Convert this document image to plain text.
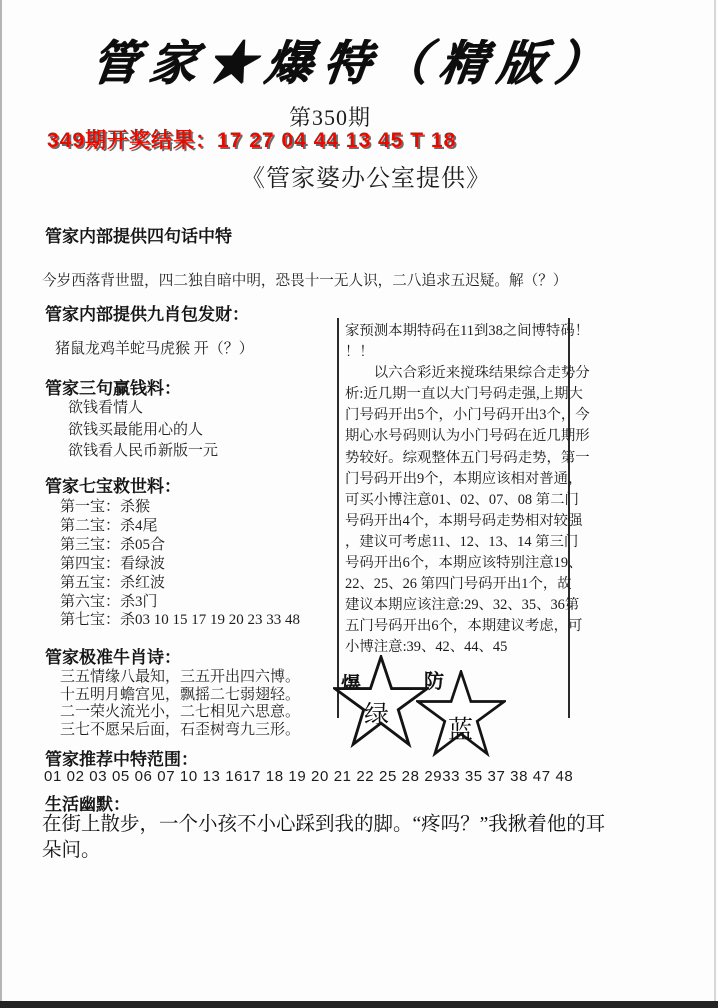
管家★爆特（精版）
第350期
349期开奖结果：17 27 04 44 13 45 T 18
《管家婆办公室提供》
管家内部提供四句话中特
今岁西落背世盟，四二独自暗中明，恐畏十一无人识，二八追求五迟疑。解（？）
管家内部提供九肖包发财：
猪鼠龙鸡羊蛇马虎猴 开（？）
管家三句赢钱料：
欲钱看情人
欲钱买最能用心的人
欲钱看人民币新版一元
管家七宝救世料：
第一宝：杀猴
第二宝：杀4尾
第三宝：杀05合
第四宝：看绿波
第五宝：杀红波
第六宝：杀3门
第七宝：杀03 10 15 17 19 20 23 33 48
管家极准牛肖诗：
三五情缘八最知，三五开出四六博。
十五明月蟾宫见，飘摇二七弱翅轻。
二一荣火流光小，二七相见六思意。
三七不愿呆后面，石歪树弯九三形。
管家推荐中特范围：
01 02 03 05 06 07 10 13 1617 18 19 20 21 22 25 28 2933 35 37 38 47 48
生活幽默：
在街上散步，一个小孩不小心踩到我的脚。“疼吗？”我揪着他的耳朵问。
家预测本期特码在11到38之间博特码！
！！
　　以六合彩近来搅珠结果综合走势分
析:近几期一直以大门号码走强,上期大
门号码开出5个，小门号码开出3个，今
期心水号码则认为小门号码在近几期形
势较好。综观整体五门号码走势，第一
门号码开出9个，本期应该相对普通，
可买小博注意01、02、07、08 第二门
号码开出4个，本期号码走势相对较强
，建议可考虑11、12、13、14 第三门
号码开出6个，本期应该特别注意19、
22、25、26 第四门号码开出1个，故
建议本期应该注意:29、32、35、36第
五门号码开出6个，本期建议考虑，可
小博注意:39、42、44、45
爆
绿
防
蓝
